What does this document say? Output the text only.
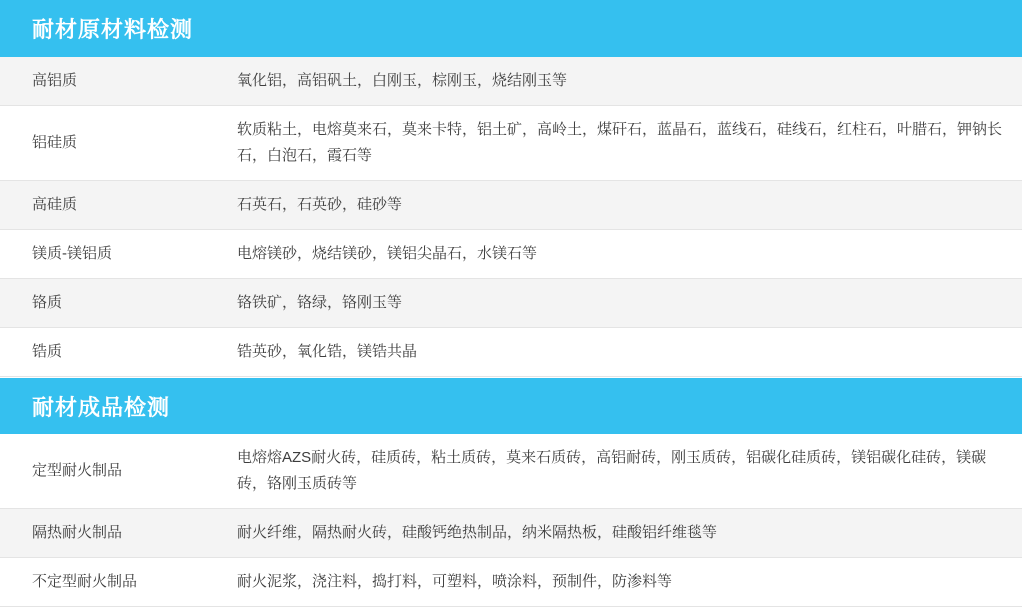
耐材原材料检测
高铝质	氧化铝，高铝矾土，白刚玉，棕刚玉，烧结刚玉等
铝硅质	软质粘土，电熔莫来石，莫来卡特，铝土矿，高岭土，煤矸石，蓝晶石，蓝线石，硅线石，红柱石，叶腊石，钾钠长石，白泡石，霞石等
高硅质	石英石，石英砂，硅砂等
镁质-镁铝质	电熔镁砂，烧结镁砂，镁铝尖晶石，水镁石等
铬质	铬铁矿，铬绿，铬刚玉等
锆质	锆英砂，氧化锆，镁锆共晶
耐材成品检测
定型耐火制品	电熔熔AZS耐火砖，硅质砖，粘土质砖，莫来石质砖，高铝耐砖，刚玉质砖，铝碳化硅质砖，镁铝碳化硅砖，镁碳砖，铬刚玉质砖等
隔热耐火制品	耐火纤维，隔热耐火砖，硅酸钙绝热制品，纳米隔热板，硅酸铝纤维毯等
不定型耐火制品	耐火泥浆，浇注料，捣打料，可塑料，喷涂料，预制件，防渗料等
